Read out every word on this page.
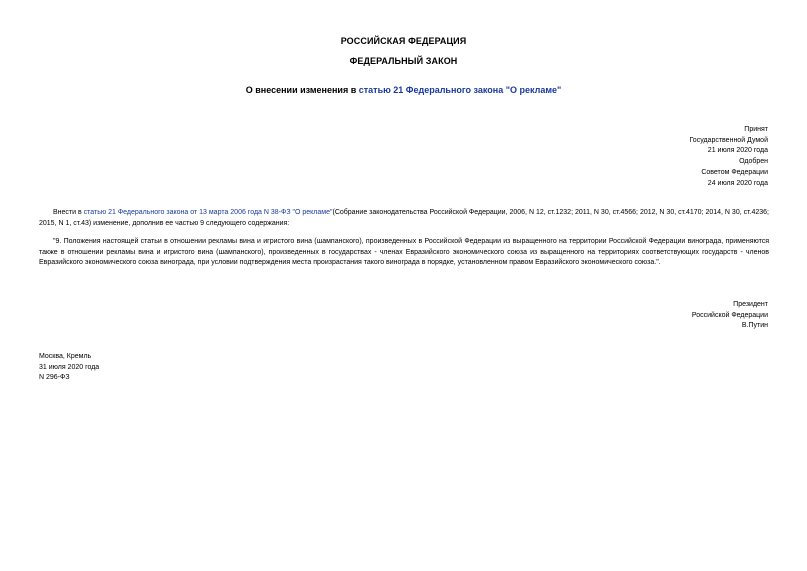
РОССИЙСКАЯ ФЕДЕРАЦИЯ
ФЕДЕРАЛЬНЫЙ ЗАКОН
О внесении изменения в статью 21 Федерального закона "О рекламе"
Принят
Государственной Думой
21 июля 2020 года
Одобрен
Советом Федерации
24 июля 2020 года
Внести в статью 21 Федерального закона от 13 марта 2006 года N 38-ФЗ "О рекламе"(Собрание законодательства Российской Федерации, 2006, N 12, ст.1232; 2011, N 30, ст.4566; 2012, N 30, ст.4170; 2014, N 30, ст.4236; 2015, N 1, ст.43) изменение, дополнив ее частью 9 следующего содержания:
"9. Положения настоящей статьи в отношении рекламы вина и игристого вина (шампанского), произведенных в Российской Федерации из выращенного на территории Российской Федерации винограда, применяются также в отношении рекламы вина и игристого вина (шампанского), произведенных в государствах - членах Евразийского экономического союза из выращенного на территориях соответствующих государств - членов Евразийского экономического союза винограда, при условии подтверждения места произрастания такого винограда в порядке, установленном правом Евразийского экономического союза.".
Президент
Российской Федерации
В.Путин
Москва, Кремль
31 июля 2020 года
N 296-ФЗ
